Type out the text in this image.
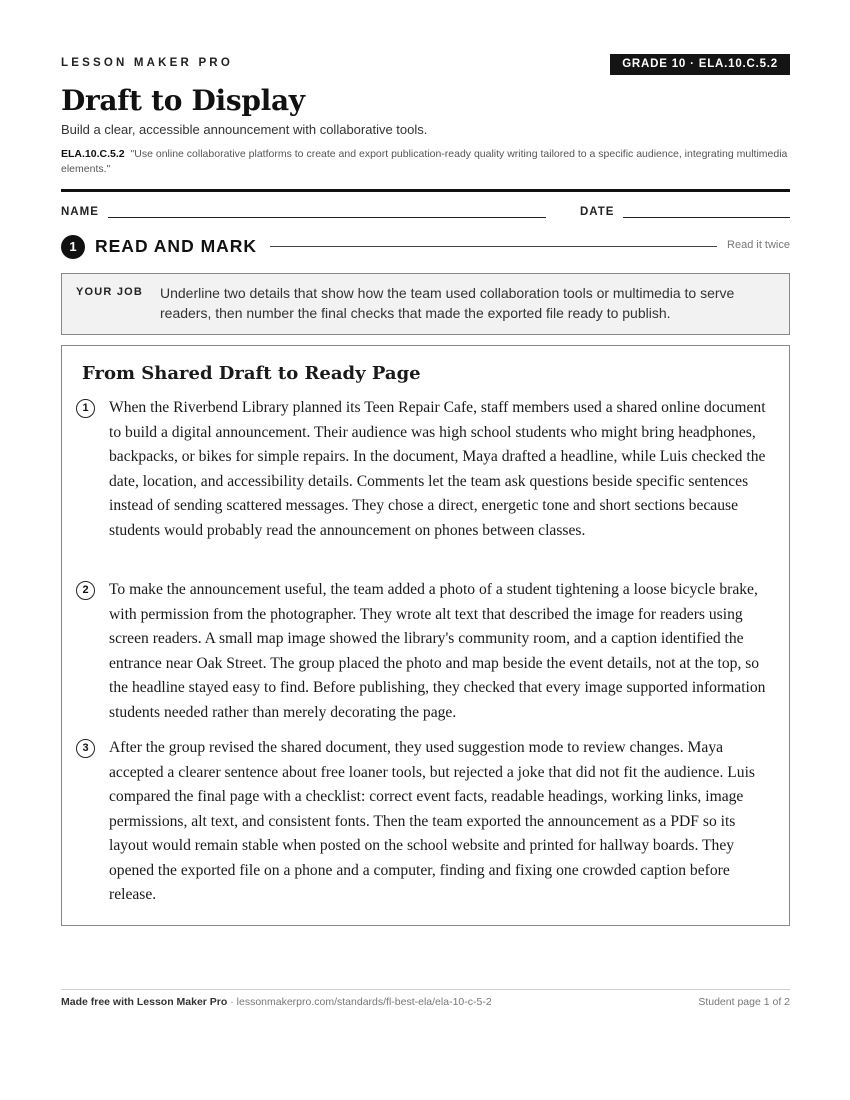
LESSON MAKER PRO	GRADE 10 · ELA.10.C.5.2
Draft to Display
Build a clear, accessible announcement with collaborative tools.
ELA.10.C.5.2 "Use online collaborative platforms to create and export publication-ready quality writing tailored to a specific audience, integrating multimedia elements."
NAME	DATE
1	READ AND MARK	Read it twice
YOUR JOB Underline two details that show how the team used collaboration tools or multimedia to serve readers, then number the final checks that made the exported file ready to publish.
From Shared Draft to Ready Page
1	When the Riverbend Library planned its Teen Repair Cafe, staff members used a shared online document to build a digital announcement. Their audience was high school students who might bring headphones, backpacks, or bikes for simple repairs. In the document, Maya drafted a headline, while Luis checked the date, location, and accessibility details. Comments let the team ask questions beside specific sentences instead of sending scattered messages. They chose a direct, energetic tone and short sections because students would probably read the announcement on phones between classes.

2	To make the announcement useful, the team added a photo of a student tightening a loose bicycle brake, with permission from the photographer. They wrote alt text that described the image for readers using screen readers. A small map image showed the library's community room, and a caption identified the entrance near Oak Street. The group placed the photo and map beside the event details, not at the top, so the headline stayed easy to find. Before publishing, they checked that every image supported information students needed rather than merely decorating the page.

3	After the group revised the shared document, they used suggestion mode to review changes. Maya accepted a clearer sentence about free loaner tools, but rejected a joke that did not fit the audience. Luis compared the final page with a checklist: correct event facts, readable headings, working links, image permissions, alt text, and consistent fonts. Then the team exported the announcement as a PDF so its layout would remain stable when posted on the school website and printed for hallway boards. They opened the exported file on a phone and a computer, finding and fixing one crowded caption before release.

Made free with Lesson Maker Pro · lessonmakerpro.com/standards/fl-best-ela/ela-10-c-5-2	Student page 1 of 2
